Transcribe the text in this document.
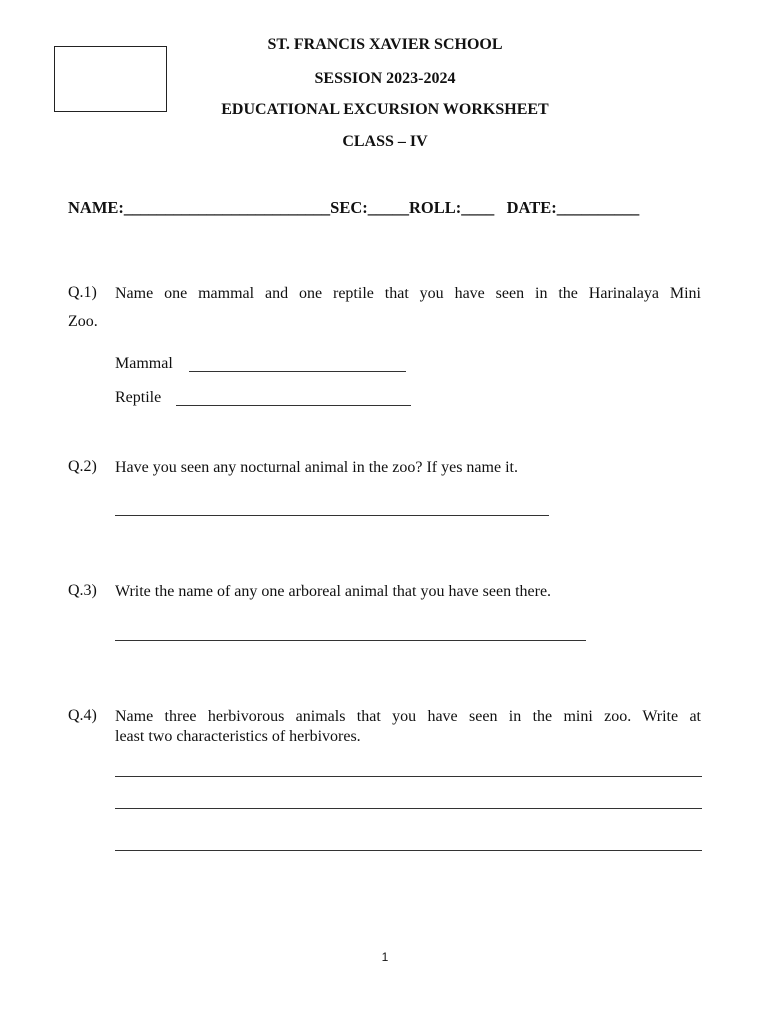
ST. FRANCIS XAVIER SCHOOL
SESSION 2023-2024
EDUCATIONAL EXCURSION WORKSHEET
CLASS – IV
NAME:_________________________SEC:_____ROLL:____   DATE:__________
Q.1) Name one mammal and one reptile that you have seen in the Harinalaya Mini
Zoo.
Mammal
Reptile
Q.2) Have you seen any nocturnal animal in the zoo? If yes name it.
Q.3) Write the name of any one arboreal animal that you have seen there.
Q.4) Name three herbivorous animals that you have seen in the mini zoo. Write at
least two characteristics of herbivores.
1
